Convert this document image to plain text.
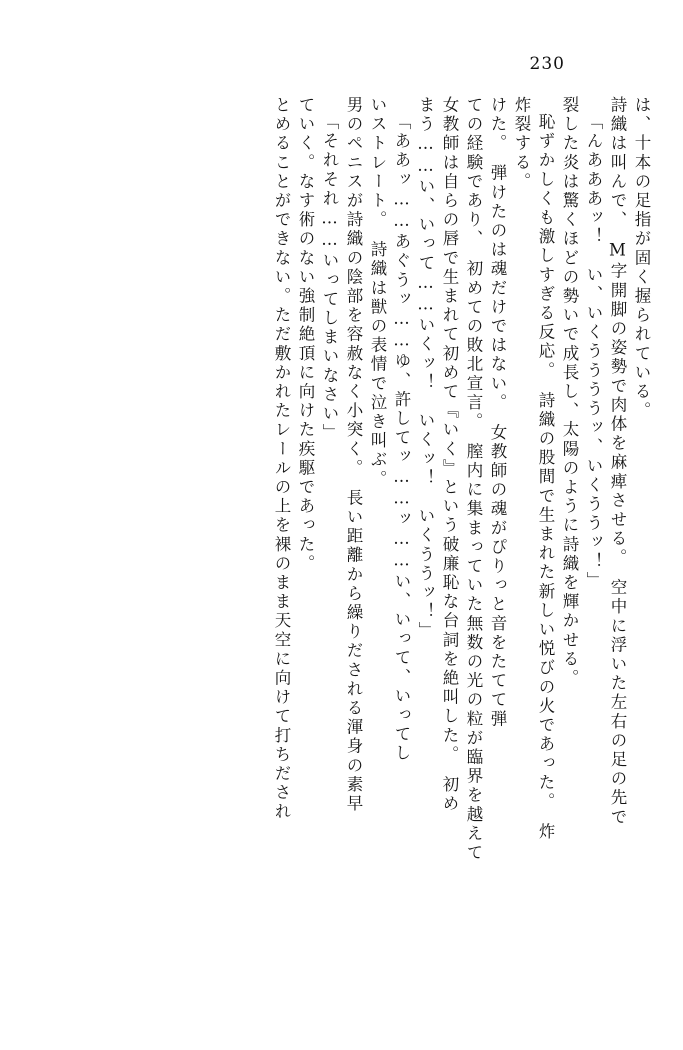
230
とめることができない。ただ敷かれたレールの上を裸のまま天空に向けて打ちだされ ていく。なす術のない強制絶頂に向けた疾駆であった。 「それそれ……いってしまいなさい」 男のペニスが詩織の陰部を容赦なく小突く。　長い距離から繰りだされる渾身の素早 いストレート。　詩織は獣の表情で泣き叫ぶ。 「ああッ……あぐうッ……ゆ、許してッ……ッ……い、いって、いってし まう……い、いって……いくッ！　いくッ！　いくううッ！」 女教師は自らの唇で生まれて初めて『いく』という破廉恥な台詞を絶叫した。　初め ての経験であり、　初めての敗北宣言。　膣内に集まっていた無数の光の粒が臨界を越えて けた。　弾けたのは魂だけではない。　女教師の魂がぴりっと音をたてて弾 炸裂する。 恥ずかしくも激しすぎる反応。　詩織の股間で生まれた新しい悦びの火であった。　炸 裂した炎は驚くほどの勢いで成長し、太陽のように詩織を輝かせる。 「んあああッ！　い、いくううううッ、いくううッ！」 詩織は叫んで、　M字開脚の姿勢で肉体を麻痺させる。　空中に浮いた左右の足の先で は、十本の足指が固く握られている。
